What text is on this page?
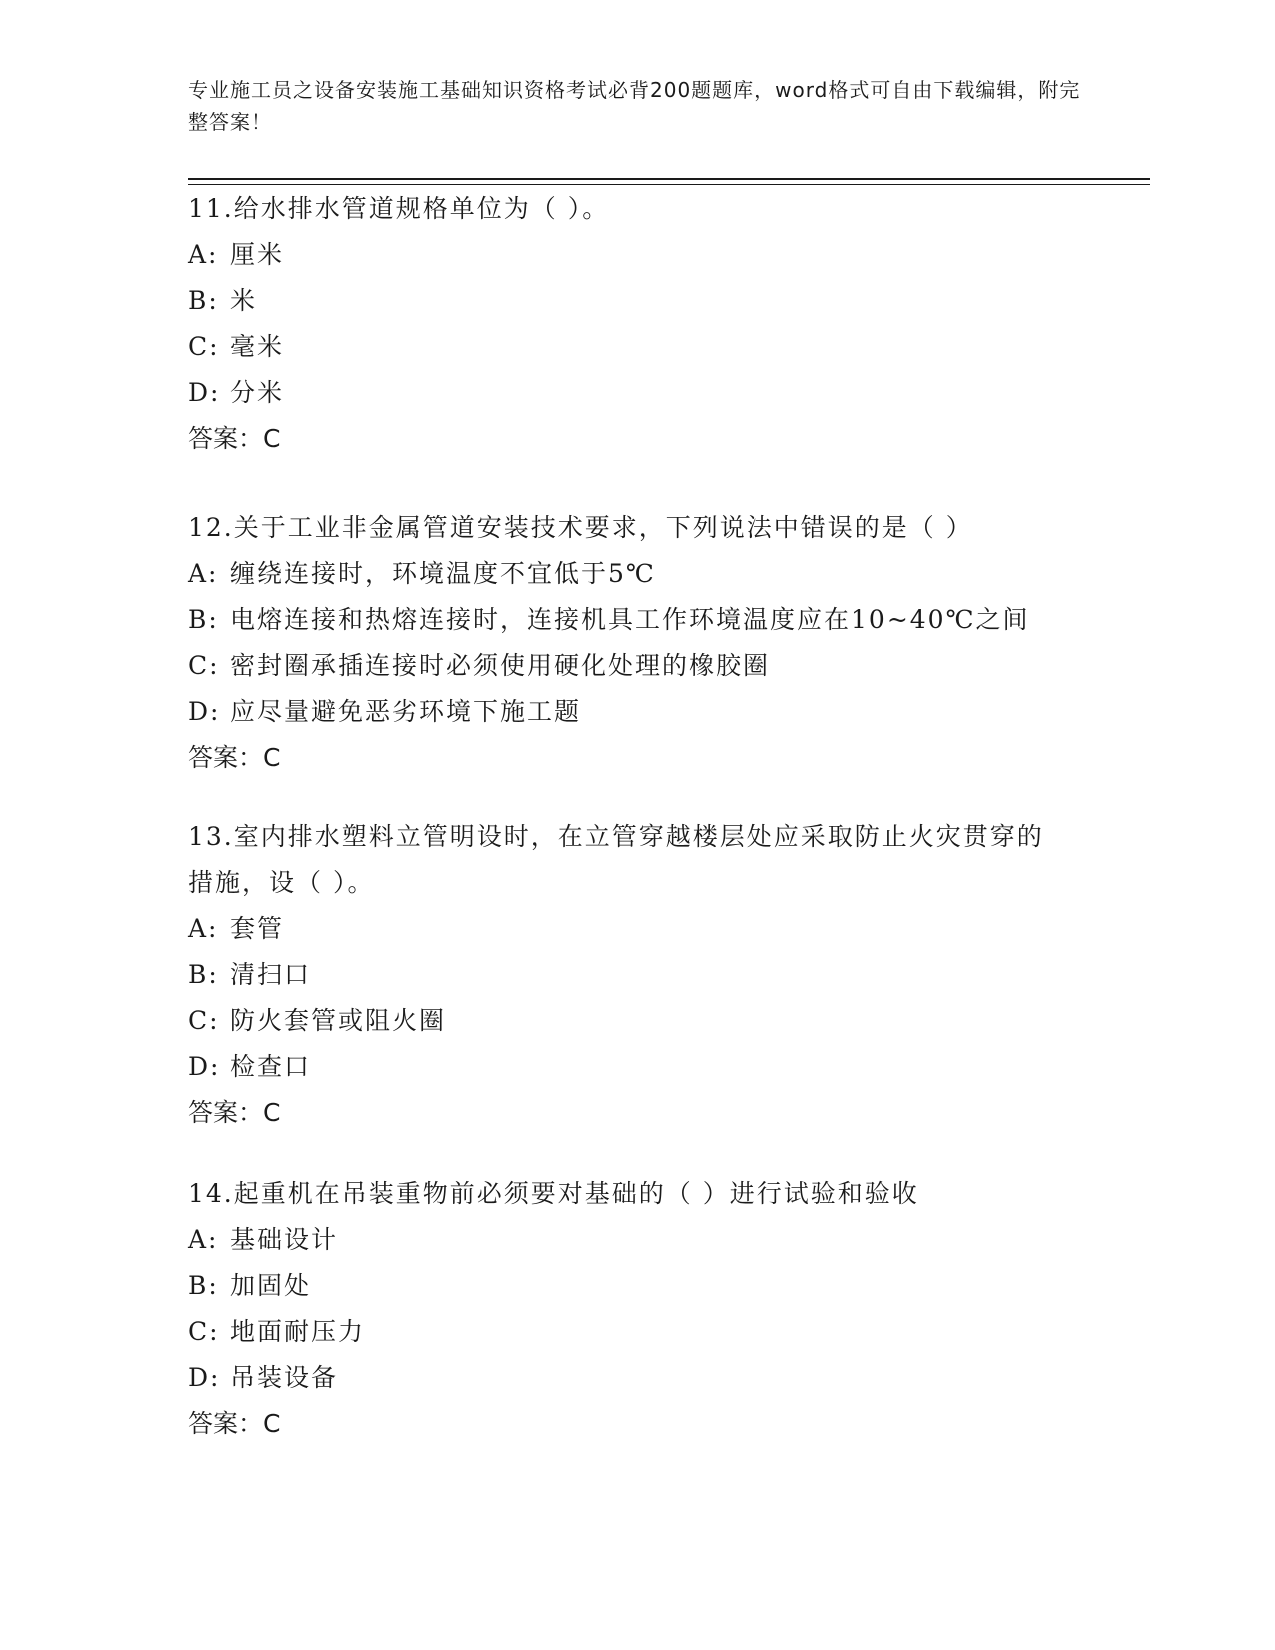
专业施工员之设备安装施工基础知识资格考试必背200题题库，word格式可自由下载编辑，附完整答案！
11.给水排水管道规格单位为（ ）。
A: 厘米
B: 米
C: 毫米
D: 分米
答案：C
12.关于工业非金属管道安装技术要求，下列说法中错误的是（ ）
A: 缠绕连接时，环境温度不宜低于5℃
B: 电熔连接和热熔连接时，连接机具工作环境温度应在10~40℃之间
C: 密封圈承插连接时必须使用硬化处理的橡胶圈
D: 应尽量避免恶劣环境下施工题
答案：C
13.室内排水塑料立管明设时，在立管穿越楼层处应采取防止火灾贯穿的措施，设（ ）。
A: 套管
B: 清扫口
C: 防火套管或阻火圈
D: 检查口
答案：C
14.起重机在吊装重物前必须要对基础的（ ）进行试验和验收
A: 基础设计
B: 加固处
C: 地面耐压力
D: 吊装设备
答案：C
